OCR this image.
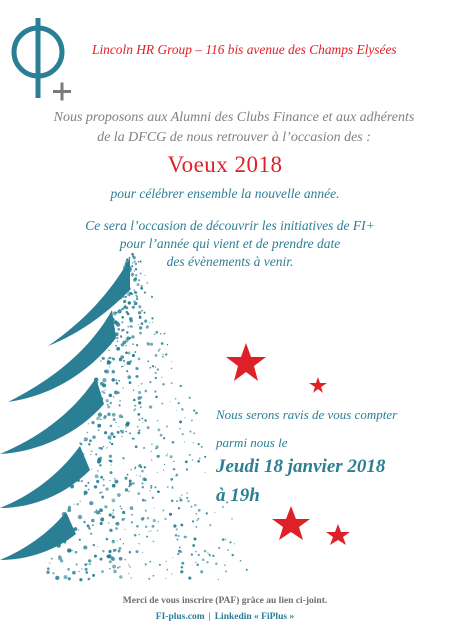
Lincoln HR Group – 116 bis avenue des Champs Elysées
Nous proposons aux Alumni des Clubs Finance et aux adhérents
de la DFCG de nous retrouver à l’occasion des :
Voeux 2018
pour célébrer ensemble la nouvelle année.
Ce sera l’occasion de découvrir les initiatives de FI+
pour l’année qui vient et de prendre date
des évènements à venir.
Nous serons ravis de vous compter
parmi nous le
Jeudi 18 janvier 2018
à 19h
Merci de vous inscrire (PAF) grâce au lien ci-joint.
FI-plus.com | Linkedin « FiPlus »
